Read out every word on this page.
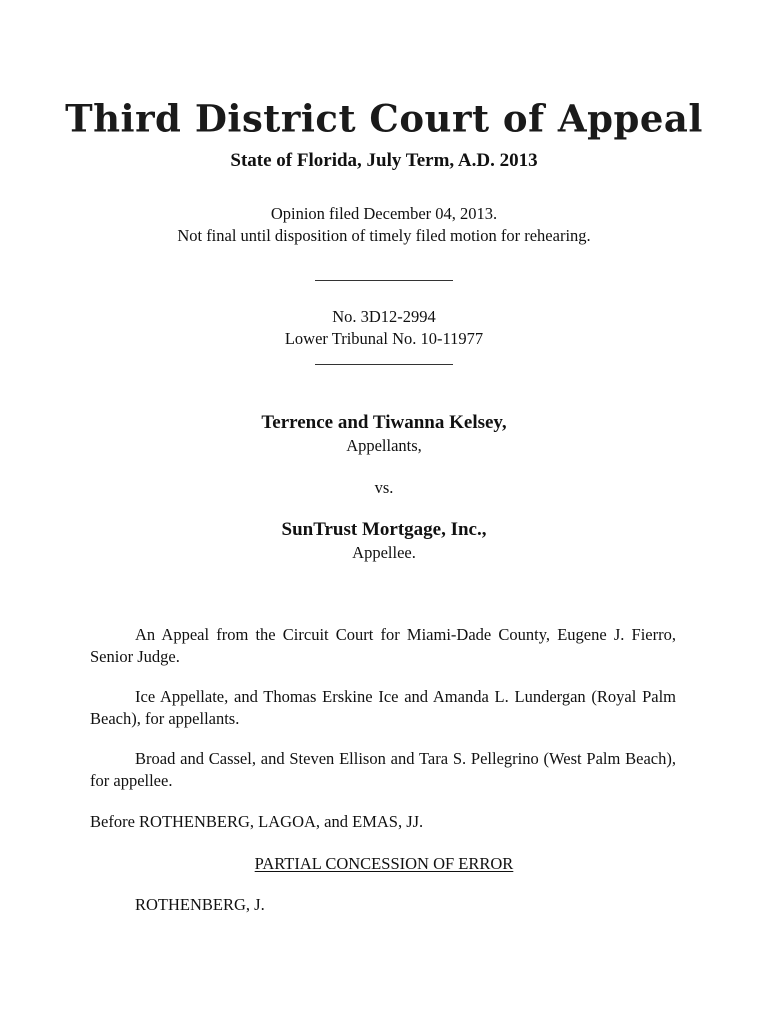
Third District Court of Appeal
State of Florida, July Term, A.D. 2013
Opinion filed December 04, 2013.
Not final until disposition of timely filed motion for rehearing.
No. 3D12-2994
Lower Tribunal No. 10-11977
Terrence and Tiwanna Kelsey,
Appellants,
vs.
SunTrust Mortgage, Inc.,
Appellee.
An Appeal from the Circuit Court for Miami-Dade County, Eugene J. Fierro, Senior Judge.
Ice Appellate, and Thomas Erskine Ice and Amanda L. Lundergan (Royal Palm Beach), for appellants.
Broad and Cassel, and Steven Ellison and Tara S. Pellegrino (West Palm Beach), for appellee.
Before ROTHENBERG, LAGOA, and EMAS, JJ.
PARTIAL CONCESSION OF ERROR
ROTHENBERG, J.
